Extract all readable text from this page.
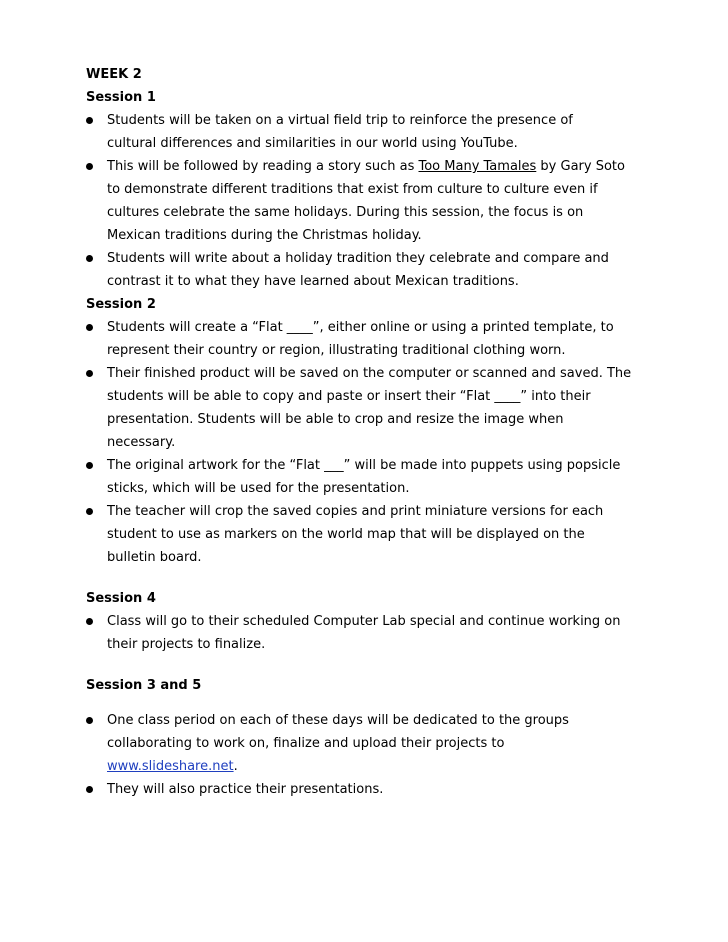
WEEK 2
Session 1
Students will be taken on a virtual field trip to reinforce the presence of
cultural differences and similarities in our world using YouTube.
This will be followed by reading a story such as Too Many Tamales by Gary Soto
to demonstrate different traditions that exist from culture to culture even if
cultures celebrate the same holidays. During this session, the focus is on
Mexican traditions during the Christmas holiday.
Students will write about a holiday tradition they celebrate and compare and
contrast it to what they have learned about Mexican traditions.
Session 2
Students will create a “Flat ____”, either online or using a printed template, to
represent their country or region, illustrating traditional clothing worn.
Their finished product will be saved on the computer or scanned and saved. The
students will be able to copy and paste or insert their “Flat ____” into their
presentation. Students will be able to crop and resize the image when
necessary.
The original artwork for the “Flat ___” will be made into puppets using popsicle
sticks, which will be used for the presentation.
The teacher will crop the saved copies and print miniature versions for each
student to use as markers on the world map that will be displayed on the
bulletin board.
Session 4
Class will go to their scheduled Computer Lab special and continue working on
their projects to finalize.
Session 3 and 5
One class period on each of these days will be dedicated to the groups
collaborating to work on, finalize and upload their projects to
www.slideshare.net.
They will also practice their presentations.
